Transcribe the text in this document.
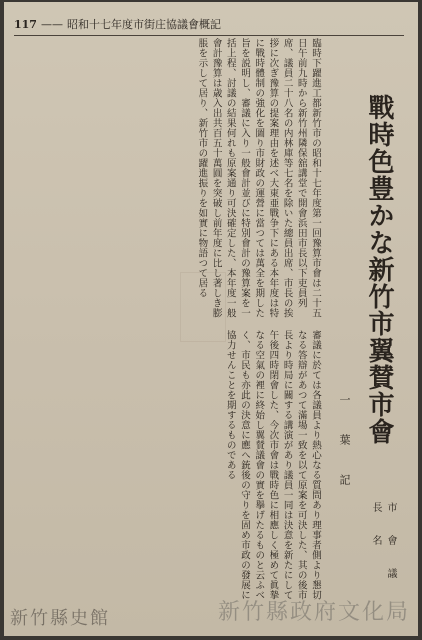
117 —— 昭和十七年度市街庄協議會概記
戰時色豊かな新竹市翼賛市會
一 葉 記
臨時下躍進工都新竹市の昭和十七年度第一回豫算市會は二十五日午前九時から新竹州隣保舘講堂で開會浜田市長以下吏員列席、議員二十八名の内林庫等七名を除いた總員出席、市長の挨拶に次ぎ豫算の提案理由を述べ大東亜戰争下にある本年度は特に戰時體制の強化を圖り市財政の運營に當つては萬全を期した旨を説明し、審議に入り一般會計並びに特別會計の豫算案を一括上程、討議の結果何れも原案通り可決確定した、本年度一般會計豫算は歳入出共百五十萬圓を突破し前年度に比し著しき膨脹を示して居り、新竹市の躍進振りを如實に物語つて居る
審議に於ては各議員より熱心なる質問あり理事者側より懇切なる答辯があつて滿場一致を以て原案を可決した、其の後市長より時局に關する講演があり議員一同は決意を新たにして午後四時閉會した、今次市會は戰時色に相應しく極めて眞摯なる空氣の裡に終始し翼賛議會の實を擧げたるものと云ふべく、市民も亦此の決意に應へ銃後の守りを固め市政の發展に協力せんことを期するものである
市 會 議 長 名
新竹縣政府文化局
新竹縣史館
